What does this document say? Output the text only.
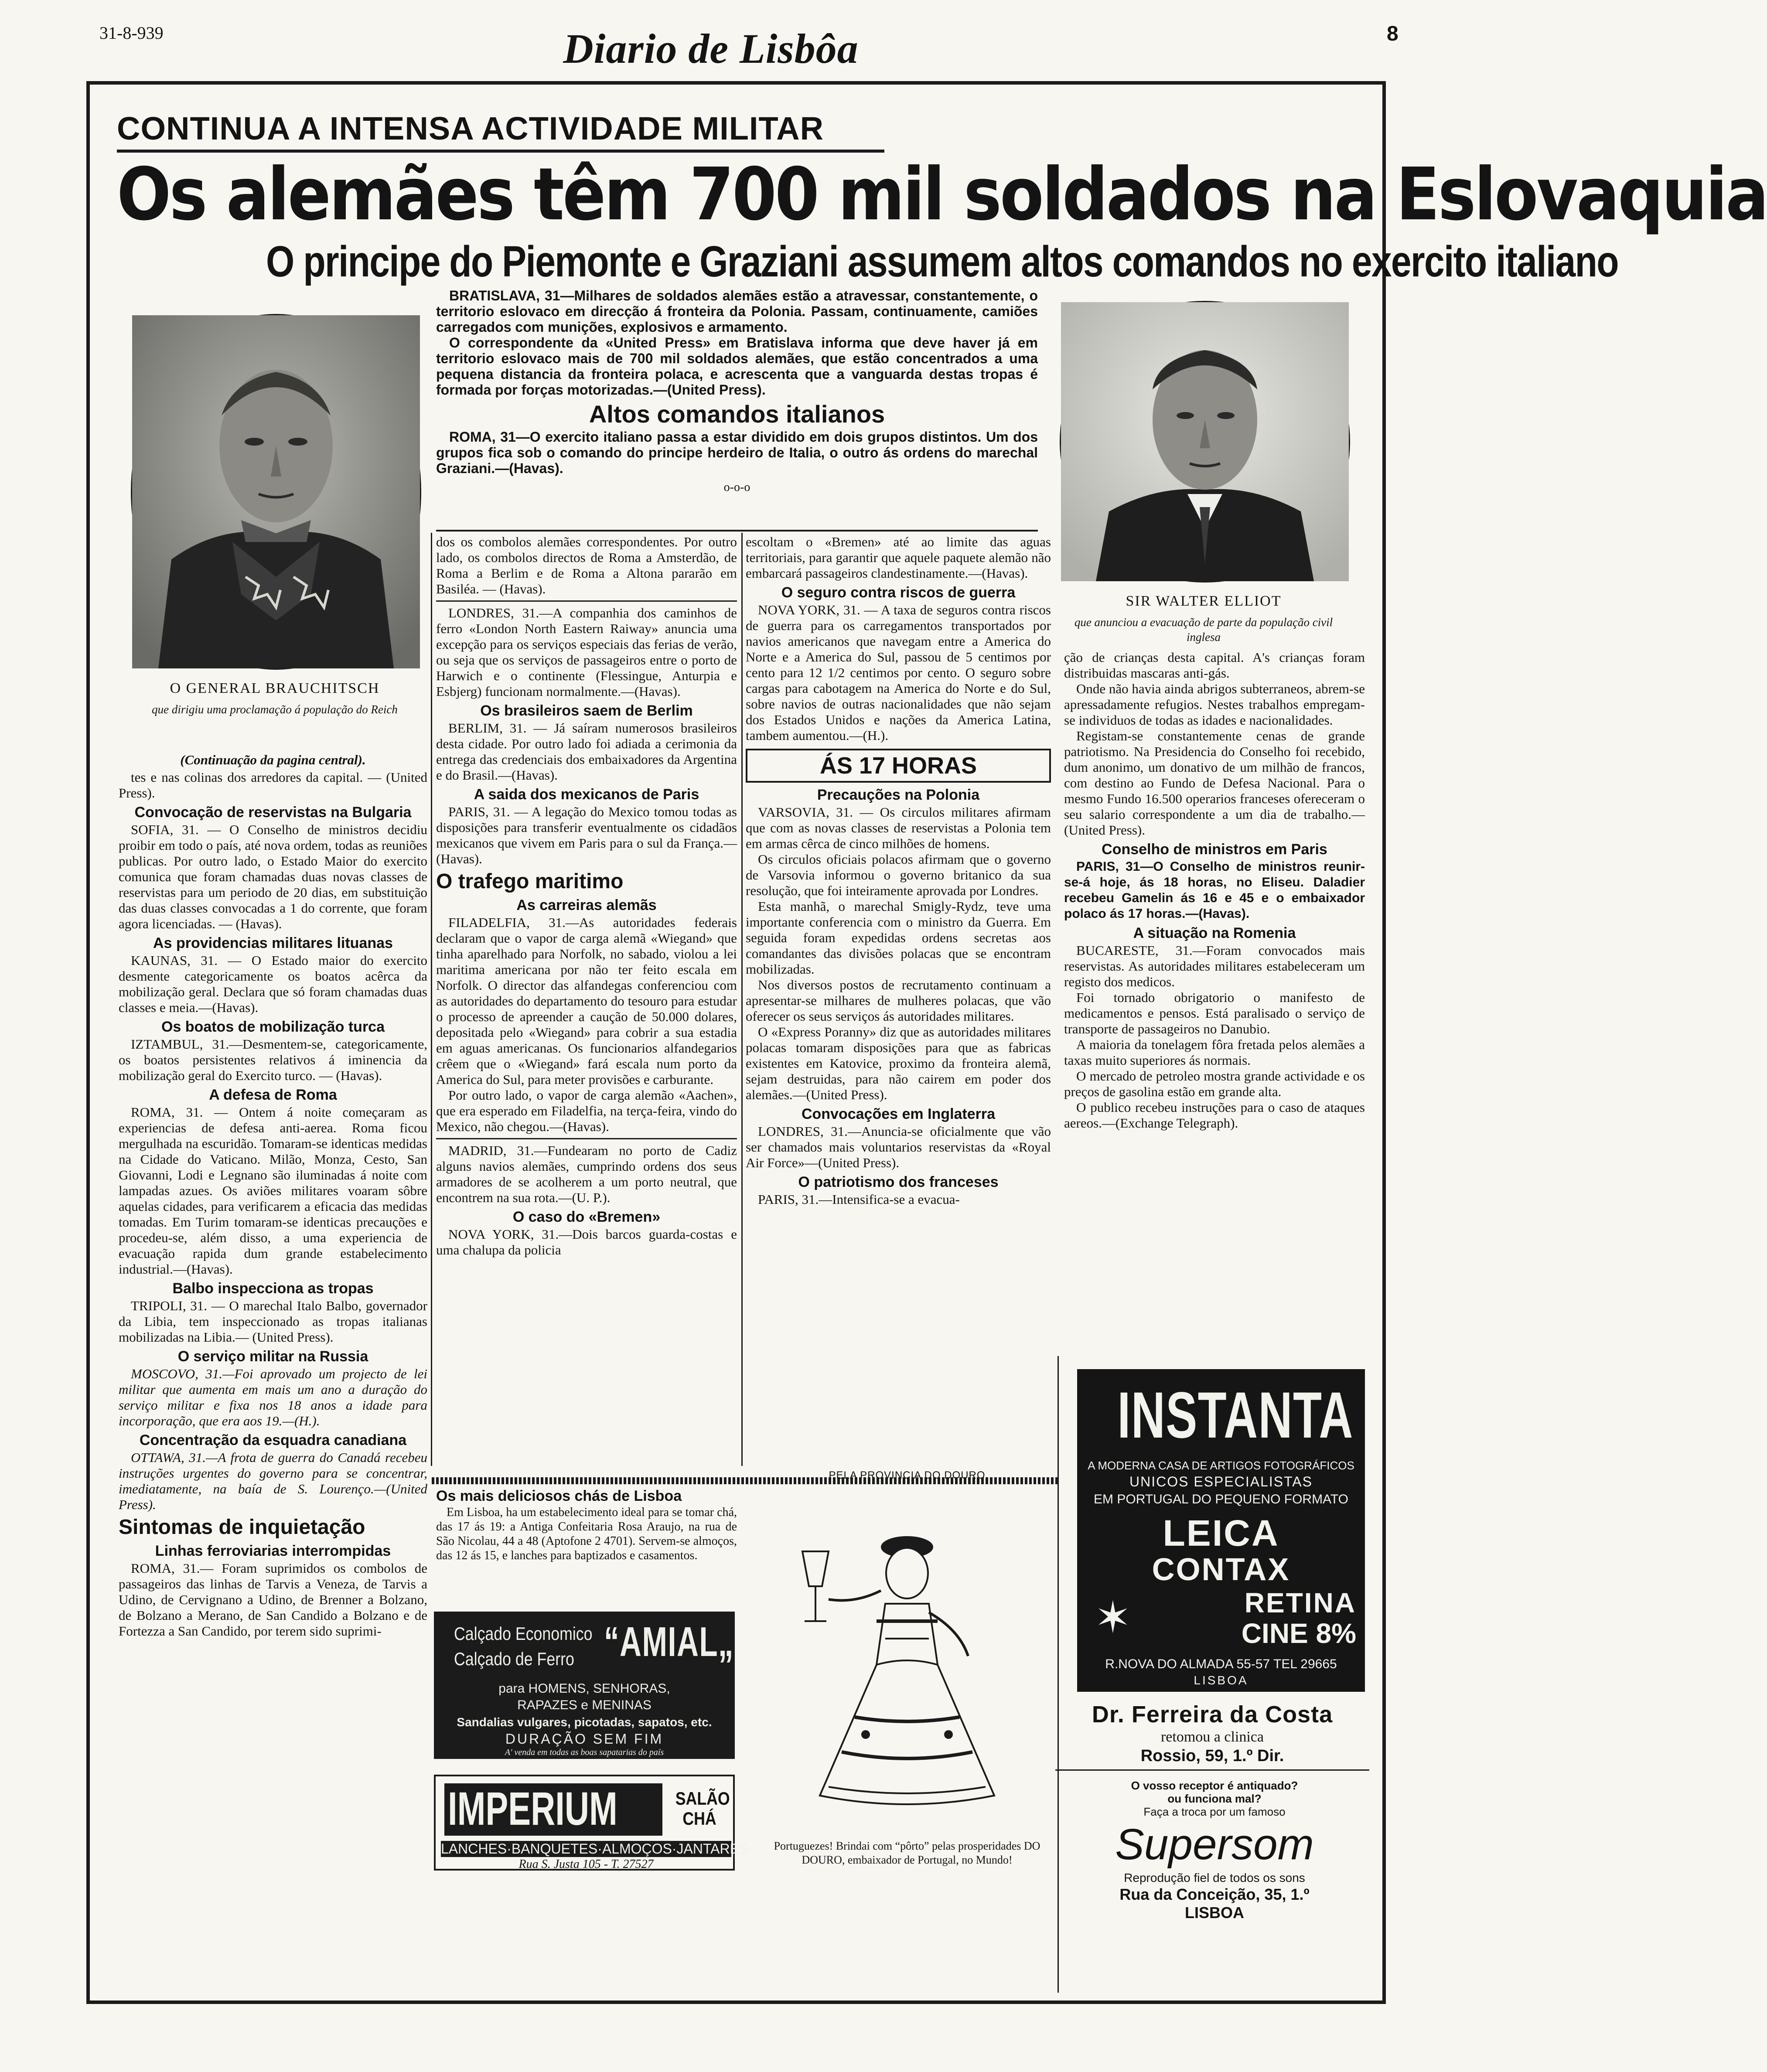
31-8-939	Diario de Lisbôa	8
CONTINUA A INTENSA ACTIVIDADE MILITAR
Os alemães têm 700 mil soldados na Eslovaquia
O principe do Piemonte e Graziani assumem altos comandos no exercito italiano
O GENERAL BRAUCHITSCH
que dirigiu uma proclamação á população do Reich
SIR WALTER ELLIOT
que anunciou a evacuação de parte da população civil inglesa

BRATISLAVA, 31—Milhares de soldados alemães estão a atravessar, constantemente, o territorio eslovaco em direcção á fronteira da Polonia. Passam, continuamente, camiões carregados com munições, explosivos e armamento.

O correspondente da «United Press» em Bratislava informa que deve haver já em territorio eslovaco mais de 700 mil soldados alemães, que estão concentrados a uma pequena distancia da fronteira polaca, e acrescenta que a vanguarda destas tropas é formada por forças motorizadas.—(United Press).

Altos comandos italianos

ROMA, 31—O exercito italiano passa a estar dividido em dois grupos distintos. Um dos grupos fica sob o comando do principe herdeiro de Italia, o outro ás ordens do marechal Graziani.—(Havas).

o-o-o
(Continuação da pagina central).

tes e nas colinas dos arredores da capital. — (United Press).

Convocação de reservistas na Bulgaria

SOFIA, 31. — O Conselho de ministros decidiu proibir em todo o país, até nova ordem, todas as reuniões publicas. Por outro lado, o Estado Maior do exercito comunica que foram chamadas duas novas classes de reservistas para um periodo de 20 dias, em substituição das duas classes convocadas a 1 do corrente, que foram agora licenciadas. — (Havas).

As providencias militares lituanas

KAUNAS, 31. — O Estado maior do exercito desmente categoricamente os boatos acêrca da mobilização geral. Declara que só foram chamadas duas classes e meia.—(Havas).

Os boatos de mobilização turca

IZTAMBUL, 31.—Desmentem-se, categoricamente, os boatos persistentes relativos á iminencia da mobilização geral do Exercito turco. — (Havas).

A defesa de Roma

ROMA, 31. — Ontem á noite começaram as experiencias de defesa anti-aerea. Roma ficou mergulhada na escuridão. Tomaram-se identicas medidas na Cidade do Vaticano. Milão, Monza, Cesto, San Giovanni, Lodi e Legnano são iluminadas á noite com lampadas azues. Os aviões militares voaram sôbre aquelas cidades, para verificarem a eficacia das medidas tomadas. Em Turim tomaram-se identicas precauções e procedeu-se, além disso, a uma experiencia de evacuação rapida dum grande estabelecimento industrial.—(Havas).

Balbo inspecciona as tropas

TRIPOLI, 31. — O marechal Italo Balbo, governador da Libia, tem inspeccionado as tropas italianas mobilizadas na Libia.— (United Press).

O serviço militar na Russia

MOSCOVO, 31.—Foi aprovado um projecto de lei militar que aumenta em mais um ano a duração do serviço militar e fixa nos 18 anos a idade para incorporação, que era aos 19.—(H.).

Concentração da esquadra canadiana

OTTAWA, 31.—A frota de guerra do Canadá recebeu instruções urgentes do governo para se concentrar, imediatamente, na baía de S. Lourenço.—(United Press).

Sintomas de inquietação
Linhas ferroviarias interrompidas

ROMA, 31.— Foram suprimidos os combolos de passageiros das linhas de Tarvis a Veneza, de Tarvis a Udino, de Cervignano a Udino, de Brenner a Bolzano, de Bolzano a Merano, de San Candido a Bolzano e de Fortezza a San Candido, por terem sido suprimi-

dos os combolos alemães correspondentes. Por outro lado, os combolos directos de Roma a Amsterdão, de Roma a Berlim e de Roma a Altona pararão em Basiléa. — (Havas).

LONDRES, 31.—A companhia dos caminhos de ferro «London North Eastern Raiway» anuncia uma excepção para os serviços especiais das ferias de verão, ou seja que os serviços de passageiros entre o porto de Harwich e o continente (Flessingue, Anturpia e Esbjerg) funcionam normalmente.—(Havas).

Os brasileiros saem de Berlim

BERLIM, 31. — Já saíram numerosos brasileiros desta cidade. Por outro lado foi adiada a cerimonia da entrega das credenciais dos embaixadores da Argentina e do Brasil.—(Havas).

A saida dos mexicanos de Paris

PARIS, 31. — A legação do Mexico tomou todas as disposições para transferir eventualmente os cidadãos mexicanos que vivem em Paris para o sul da França.—(Havas).

O trafego maritimo
As carreiras alemãs

FILADELFIA, 31.—As autoridades federais declaram que o vapor de carga alemã «Wiegand» que tinha aparelhado para Norfolk, no sabado, violou a lei maritima americana por não ter feito escala em Norfolk. O director das alfandegas conferenciou com as autoridades do departamento do tesouro para estudar o processo de apreender a caução de 50.000 dolares, depositada pelo «Wiegand» para cobrir a sua estadia em aguas americanas. Os funcionarios alfandegarios crêem que o «Wiegand» fará escala num porto da America do Sul, para meter provisões e carburante.

Por outro lado, o vapor de carga alemão «Aachen», que era esperado em Filadelfia, na terça-feira, vindo do Mexico, não chegou.—(Havas).

MADRID, 31.—Fundearam no porto de Cadiz alguns navios alemães, cumprindo ordens dos seus armadores de se acolherem a um porto neutral, que encontrem na sua rota.—(U. P.).

O caso do «Bremen»

NOVA YORK, 31.—Dois barcos guarda-costas e uma chalupa da policia

escoltam o «Bremen» até ao limite das aguas territoriais, para garantir que aquele paquete alemão não embarcará passageiros clandestinamente.—(Havas).

O seguro contra riscos de guerra

NOVA YORK, 31. — A taxa de seguros contra riscos de guerra para os carregamentos transportados por navios americanos que navegam entre a America do Norte e a America do Sul, passou de 5 centimos por cento para 12 1/2 centimos por cento. O seguro sobre cargas para cabotagem na America do Norte e do Sul, sobre navios de outras nacionalidades que não sejam dos Estados Unidos e nações da America Latina, tambem aumentou.—(H.).

ÁS 17 HORAS
Precauções na Polonia

VARSOVIA, 31. — Os circulos militares afirmam que com as novas classes de reservistas a Polonia tem em armas cêrca de cinco milhões de homens.

Os circulos oficiais polacos afirmam que o governo de Varsovia informou o governo britanico da sua resolução, que foi inteiramente aprovada por Londres.

Esta manhã, o marechal Smigly-Rydz, teve uma importante conferencia com o ministro da Guerra. Em seguida foram expedidas ordens secretas aos comandantes das divisões polacas que se encontram mobilizadas.

Nos diversos postos de recrutamento continuam a apresentar-se milhares de mulheres polacas, que vão oferecer os seus serviços ás autoridades militares.

O «Express Poranny» diz que as autoridades militares polacas tomaram disposições para que as fabricas existentes em Katovice, proximo da fronteira alemã, sejam destruidas, para não cairem em poder dos alemães.—(United Press).

Convocações em Inglaterra

LONDRES, 31.—Anuncia-se oficialmente que vão ser chamados mais voluntarios reservistas da «Royal Air Force»—(United Press).

O patriotismo dos franceses

PARIS, 31.—Intensifica-se a evacua-

ção de crianças desta capital. A's crianças foram distribuidas mascaras anti-gás.

Onde não havia ainda abrigos subterraneos, abrem-se apressadamente refugios. Nestes trabalhos empregam-se individuos de todas as idades e nacionalidades.

Registam-se constantemente cenas de grande patriotismo. Na Presidencia do Conselho foi recebido, dum anonimo, um donativo de um milhão de francos, com destino ao Fundo de Defesa Nacional. Para o mesmo Fundo 16.500 operarios franceses ofereceram o seu salario correspondente a um dia de trabalho.—(United Press).

Conselho de ministros em Paris

PARIS, 31—O Conselho de ministros reunir-se-á hoje, ás 18 horas, no Eliseu. Daladier recebeu Gamelin ás 16 e 45 e o embaixador polaco ás 17 horas.—(Havas).

A situação na Romenia

BUCARESTE, 31.—Foram convocados mais reservistas. As autoridades militares estabeleceram um registo dos medicos.

Foi tornado obrigatorio o manifesto de medicamentos e pensos. Está paralisado o serviço de transporte de passageiros no Danubio.

A maioria da tonelagem fôra fretada pelos alemães a taxas muito superiores ás normais.

O mercado de petroleo mostra grande actividade e os preços de gasolina estão em grande alta.

O publico recebeu instruções para o caso de ataques aereos.—(Exchange Telegraph).

Os mais deliciosos chás de Lisboa
Em Lisboa, ha um estabelecimento ideal para se tomar chá, das 17 ás 19: a Antiga Confeitaria Rosa Araujo, na rua de São Nicolau, 44 a 48 (Aptofone 2 4701). Servem-se almoços, das 12 ás 15, e lanches para baptizados e casamentos.
Calçado Economico
Calçado de Ferro “AMIAL„
para HOMENS, SENHORAS,
RAPAZES e MENINAS
Sandalias vulgares, picotadas, sapatos, etc.
DURAÇÃO SEM FIM
A' venda em todas as boas sapatarias do país
IMPERIUM	SALÃO CHÁ
LANCHES·BANQUETES·ALMOÇOS·JANTARES
Rua S. Justa 105 - T. 27527
PELA PROVINCIA DO DOURO
Portuguezes! Brindai com “pôrto” pelas prosperidades DO DOURO, embaixador de Portugal, no Mundo!
INSTANTA
A MODERNA CASA DE ARTIGOS FOTOGRÁFICOS
UNICOS ESPECIALISTAS
EM PORTUGAL DO PEQUENO FORMATO
LEICA
CONTAX
RETINA
CINE 8%
✶
R.NOVA DO ALMADA 55-57 TEL 29665
LISBOA
Dr. Ferreira da Costa
retomou a clinica
Rossio, 59, 1.º Dir.
O vosso receptor é antiquado?
ou funciona mal?
Faça a troca por um famoso
Supersom
Reprodução fiel de todos os sons
Rua da Conceição, 35, 1.º
LISBOA
